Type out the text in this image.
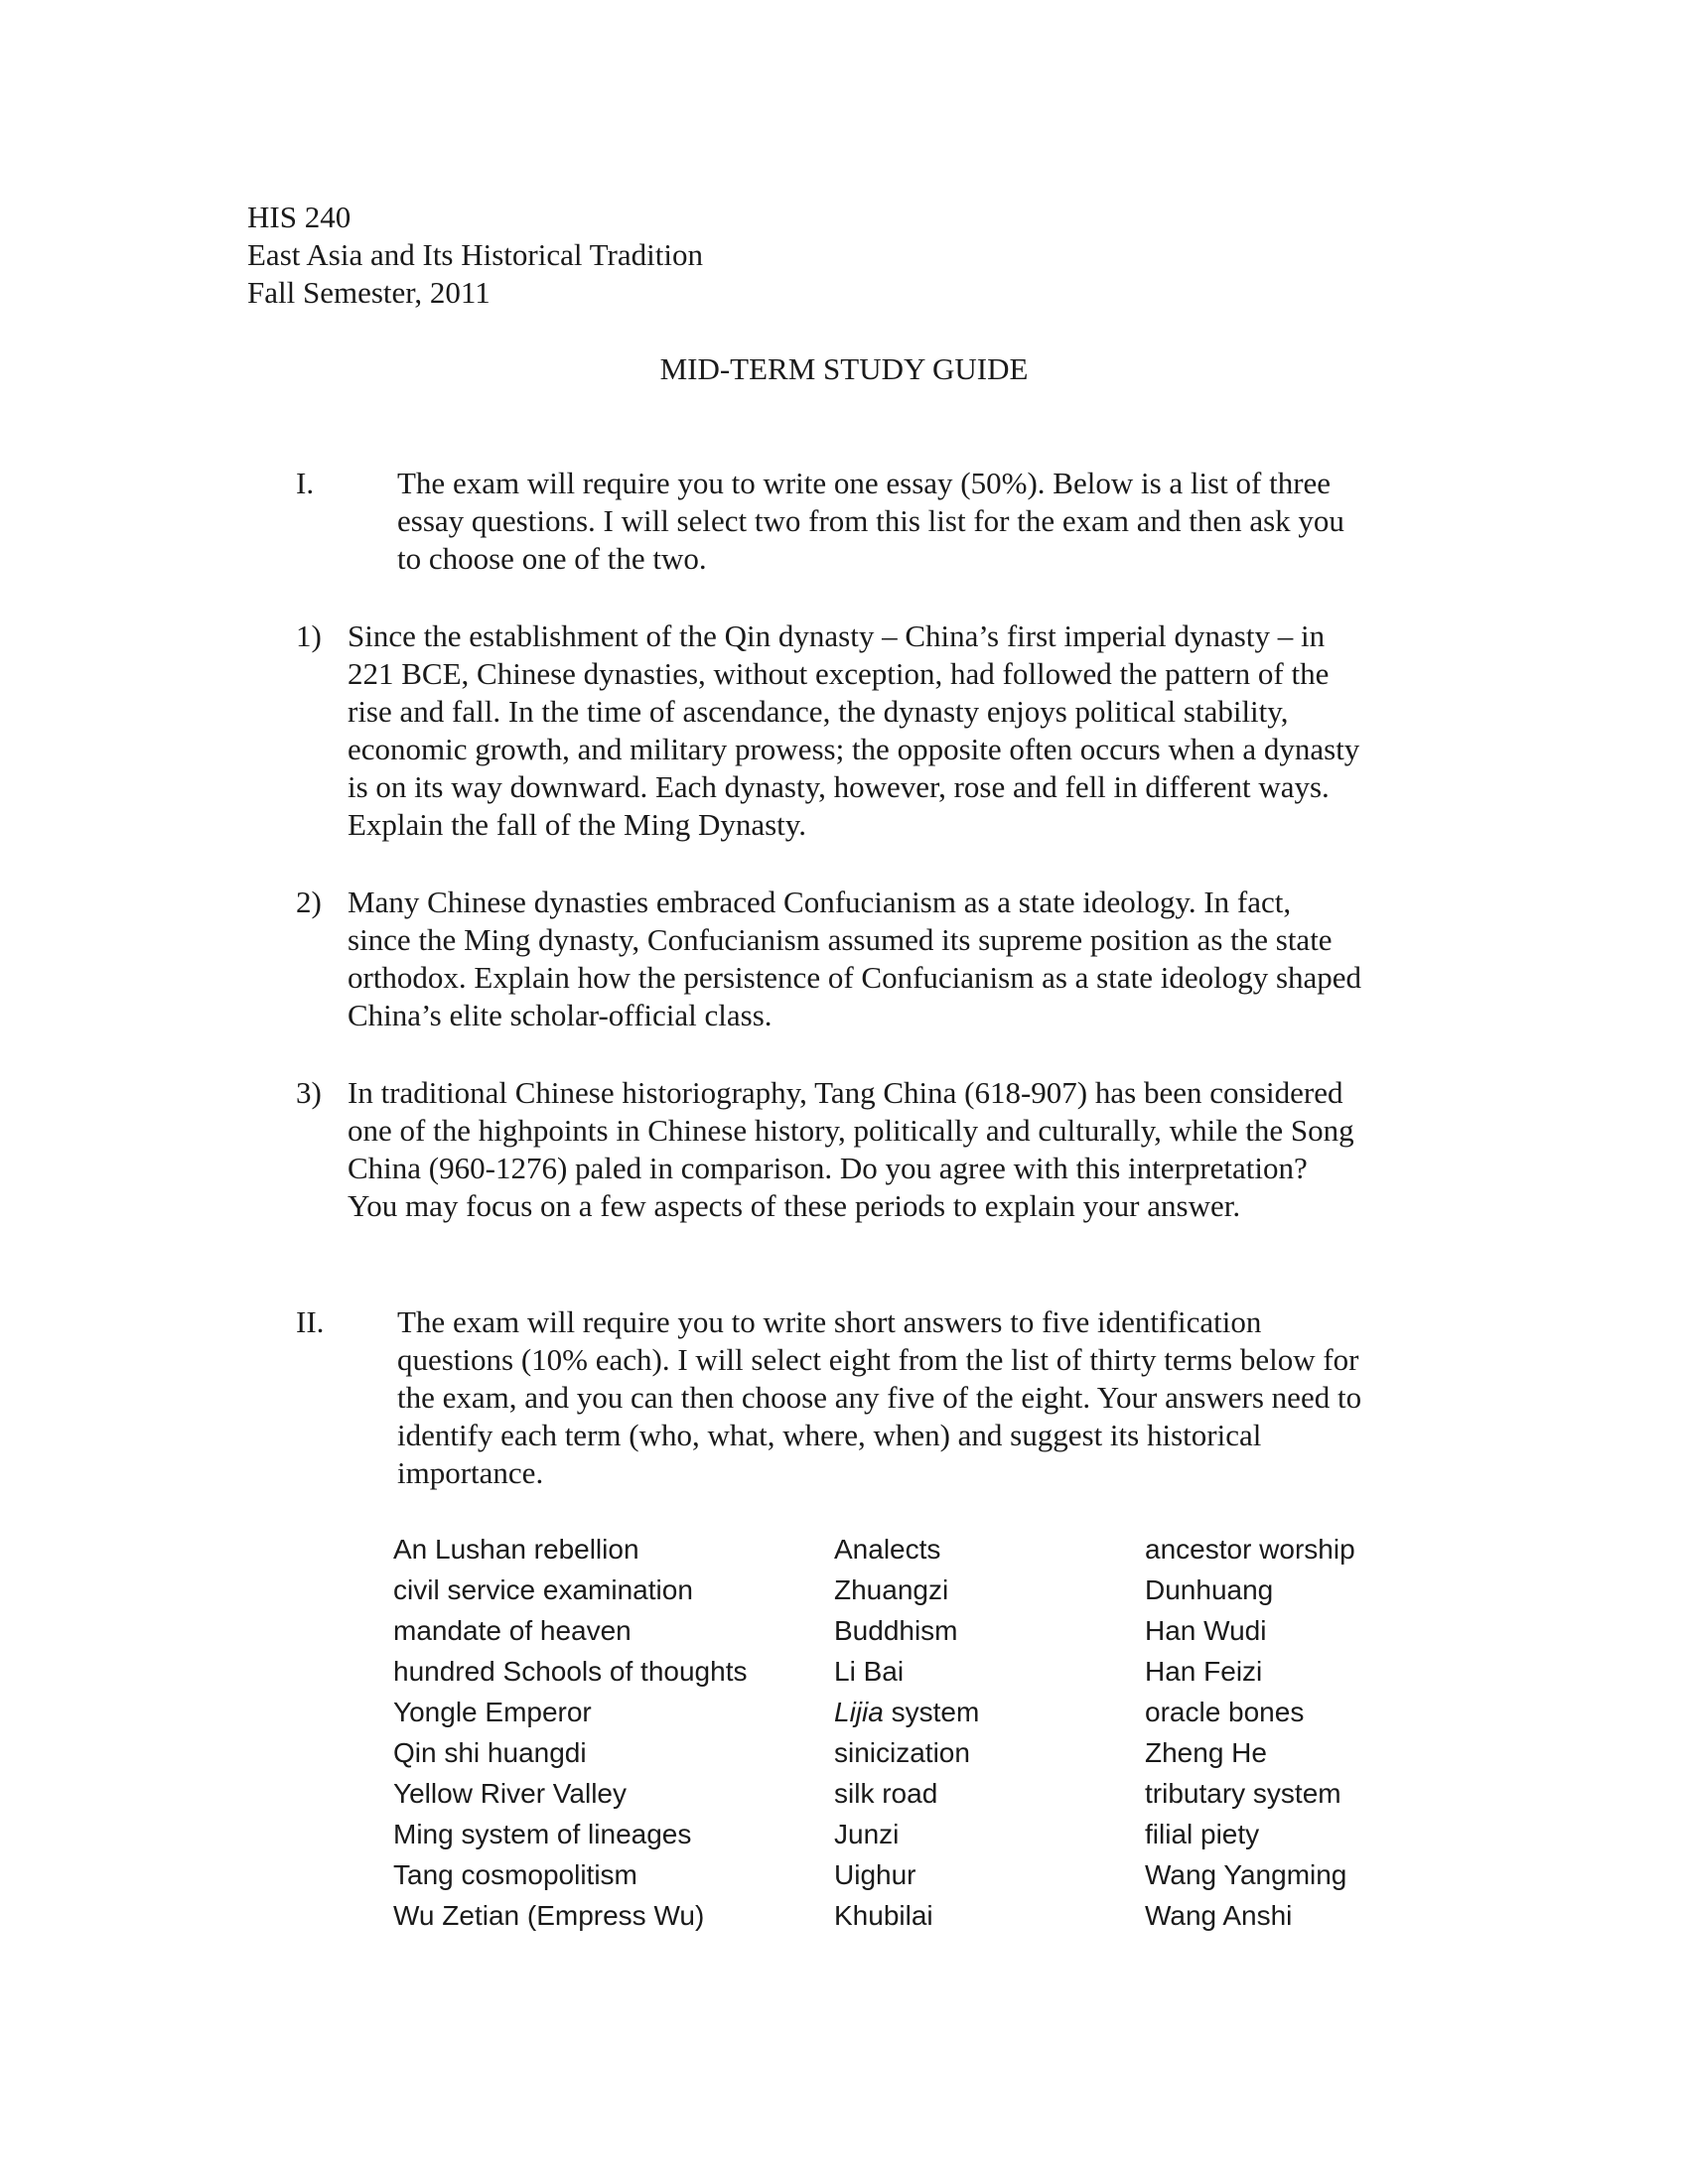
HIS 240
East Asia and Its Historical Tradition
Fall Semester, 2011
MID-TERM STUDY GUIDE
I.	The exam will require you to write one essay (50%). Below is a list of three
essay questions. I will select two from this list for the exam and then ask you
to choose one of the two.
1) Since the establishment of the Qin dynasty – China’s first imperial dynasty – in
221 BCE, Chinese dynasties, without exception, had followed the pattern of the
rise and fall. In the time of ascendance, the dynasty enjoys political stability,
economic growth, and military prowess; the opposite often occurs when a dynasty
is on its way downward. Each dynasty, however, rose and fell in different ways.
Explain the fall of the Ming Dynasty.
2) Many Chinese dynasties embraced Confucianism as a state ideology. In fact,
since the Ming dynasty, Confucianism assumed its supreme position as the state
orthodox. Explain how the persistence of Confucianism as a state ideology shaped
China’s elite scholar-official class.
3) In traditional Chinese historiography, Tang China (618-907) has been considered
one of the highpoints in Chinese history, politically and culturally, while the Song
China (960-1276) paled in comparison. Do you agree with this interpretation?
You may focus on a few aspects of these periods to explain your answer.
II. The exam will require you to write short answers to five identification
questions (10% each). I will select eight from the list of thirty terms below for
the exam, and you can then choose any five of the eight. Your answers need to
identify each term (who, what, where, when) and suggest its historical
importance.
An Lushan rebellion
civil service examination
mandate of heaven
hundred Schools of thoughts
Yongle Emperor
Qin shi huangdi
Yellow River Valley
Ming system of lineages
Tang cosmopolitism
Wu Zetian (Empress Wu)
Analects
Zhuangzi
Buddhism
Li Bai
Lijia system
sinicization
silk road
Junzi
Uighur
Khubilai
ancestor worship
Dunhuang
Han Wudi
Han Feizi
oracle bones
Zheng He
tributary system
filial piety
Wang Yangming
Wang Anshi
